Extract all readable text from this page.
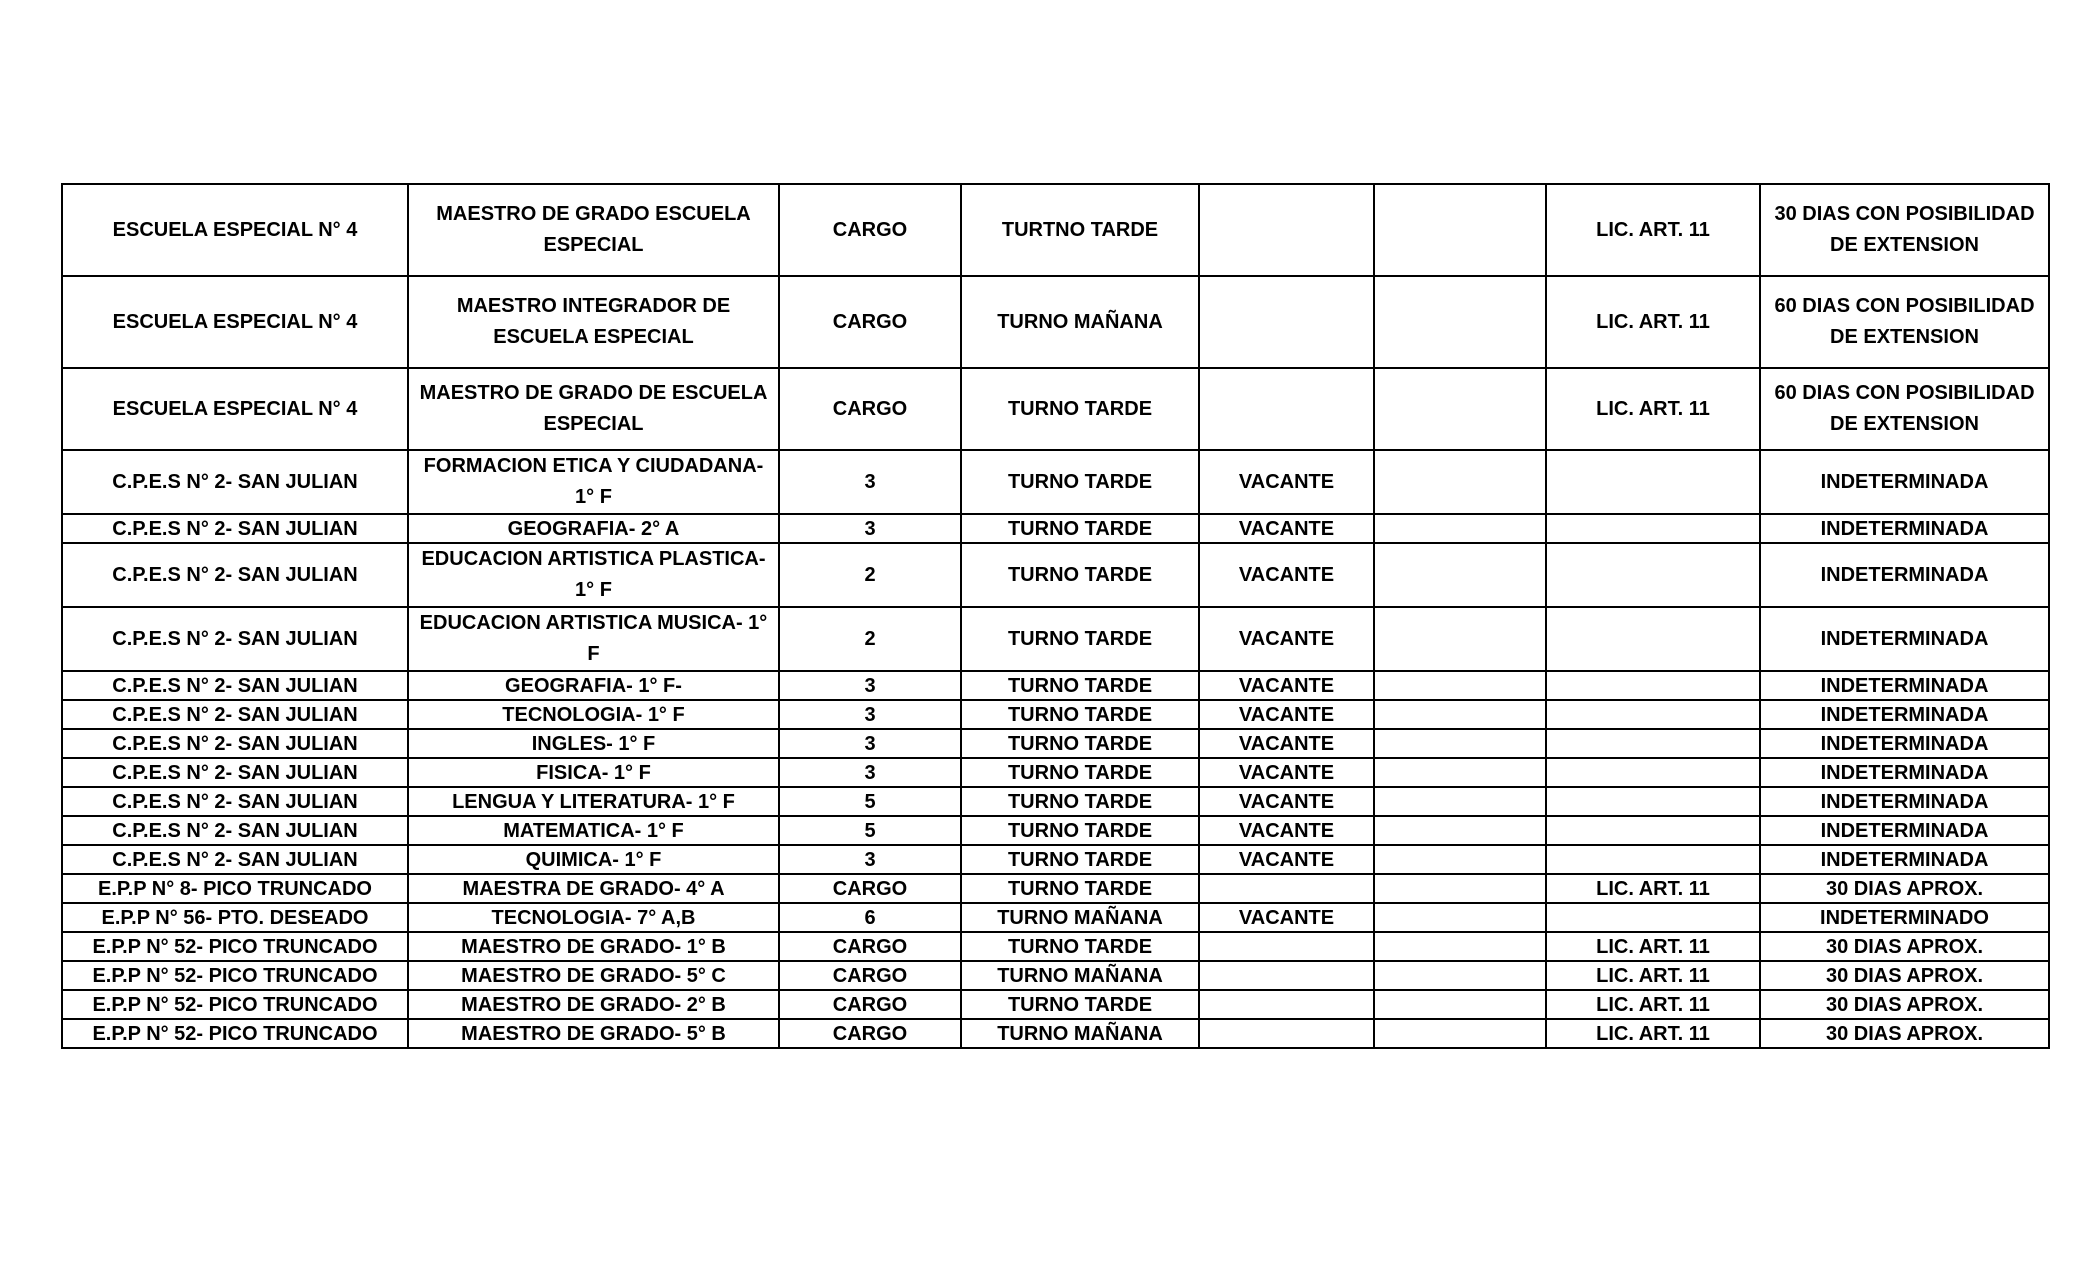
ESCUELA ESPECIAL N° 4	MAESTRO DE GRADO ESCUELA ESPECIAL	CARGO	TURTNO TARDE			LIC. ART. 11	30 DIAS CON POSIBILIDAD DE EXTENSION
ESCUELA ESPECIAL N° 4	MAESTRO INTEGRADOR DE ESCUELA ESPECIAL	CARGO	TURNO MAÑANA			LIC. ART. 11	60 DIAS CON POSIBILIDAD DE EXTENSION
ESCUELA ESPECIAL N° 4	MAESTRO DE GRADO DE ESCUELA ESPECIAL	CARGO	TURNO TARDE			LIC. ART. 11	60 DIAS CON POSIBILIDAD DE EXTENSION
C.P.E.S N° 2- SAN JULIAN	FORMACION ETICA Y CIUDADANA- 1° F	3	TURNO TARDE	VACANTE			INDETERMINADA
C.P.E.S N° 2- SAN JULIAN	GEOGRAFIA- 2° A	3	TURNO TARDE	VACANTE			INDETERMINADA
C.P.E.S N° 2- SAN JULIAN	EDUCACION ARTISTICA PLASTICA- 1° F	2	TURNO TARDE	VACANTE			INDETERMINADA
C.P.E.S N° 2- SAN JULIAN	EDUCACION ARTISTICA MUSICA- 1° F	2	TURNO TARDE	VACANTE			INDETERMINADA
C.P.E.S N° 2- SAN JULIAN	GEOGRAFIA- 1° F-	3	TURNO TARDE	VACANTE			INDETERMINADA
C.P.E.S N° 2- SAN JULIAN	TECNOLOGIA- 1° F	3	TURNO TARDE	VACANTE			INDETERMINADA
C.P.E.S N° 2- SAN JULIAN	INGLES- 1° F	3	TURNO TARDE	VACANTE			INDETERMINADA
C.P.E.S N° 2- SAN JULIAN	FISICA- 1° F	3	TURNO TARDE	VACANTE			INDETERMINADA
C.P.E.S N° 2- SAN JULIAN	LENGUA Y LITERATURA- 1° F	5	TURNO TARDE	VACANTE			INDETERMINADA
C.P.E.S N° 2- SAN JULIAN	MATEMATICA- 1° F	5	TURNO TARDE	VACANTE			INDETERMINADA
C.P.E.S N° 2- SAN JULIAN	QUIMICA- 1° F	3	TURNO TARDE	VACANTE			INDETERMINADA
E.P.P N° 8- PICO TRUNCADO	MAESTRA DE GRADO- 4° A	CARGO	TURNO TARDE			LIC. ART. 11	30 DIAS APROX.
E.P.P N° 56- PTO. DESEADO	TECNOLOGIA- 7° A,B	6	TURNO MAÑANA	VACANTE			INDETERMINADO
E.P.P N° 52- PICO TRUNCADO	MAESTRO DE GRADO- 1° B	CARGO	TURNO TARDE			LIC. ART. 11	30 DIAS APROX.
E.P.P N° 52- PICO TRUNCADO	MAESTRO DE GRADO- 5° C	CARGO	TURNO MAÑANA			LIC. ART. 11	30 DIAS APROX.
E.P.P N° 52- PICO TRUNCADO	MAESTRO DE GRADO- 2° B	CARGO	TURNO TARDE			LIC. ART. 11	30 DIAS APROX.
E.P.P N° 52- PICO TRUNCADO	MAESTRO DE GRADO- 5° B	CARGO	TURNO MAÑANA			LIC. ART. 11	30 DIAS APROX.
